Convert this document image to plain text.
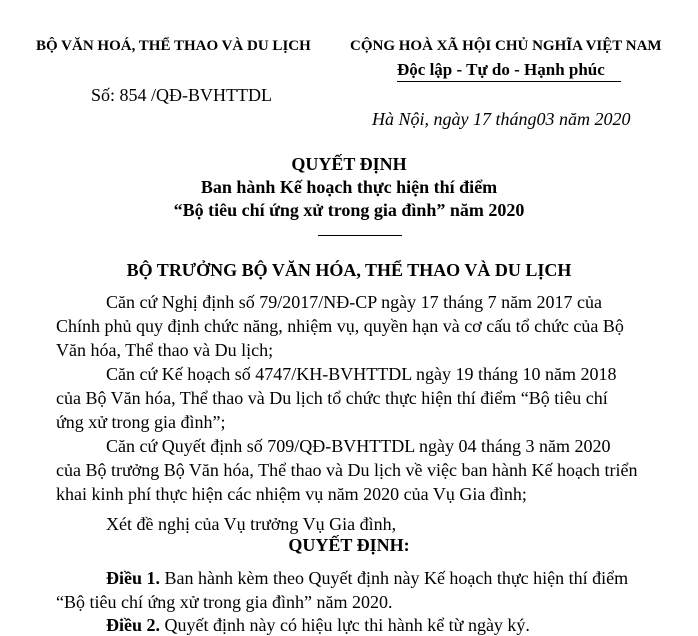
BỘ VĂN HOÁ, THỂ THAO VÀ DU LỊCH	CỘNG HOÀ XÃ HỘI CHỦ NGHĨA VIỆT NAM
Độc lập - Tự do - Hạnh phúc
Số: 854 /QĐ-BVHTTDL
Hà Nội, ngày 17 tháng03 năm 2020
QUYẾT ĐỊNH
Ban hành Kế hoạch thực hiện thí điểm
“Bộ tiêu chí ứng xử trong gia đình” năm 2020
BỘ TRƯỞNG BỘ VĂN HÓA, THỂ THAO VÀ DU LỊCH
Căn cứ Nghị định số 79/2017/NĐ-CP ngày 17 tháng 7 năm 2017 của
Chính phủ quy định chức năng, nhiệm vụ, quyền hạn và cơ cấu tổ chức của Bộ
Văn hóa, Thể thao và Du lịch;
Căn cứ Kế hoạch số 4747/KH-BVHTTDL ngày 19 tháng 10 năm 2018
của Bộ Văn hóa, Thể thao và Du lịch tổ chức thực hiện thí điểm “Bộ tiêu chí
ứng xử trong gia đình”;
Căn cứ Quyết định số 709/QĐ-BVHTTDL ngày 04 tháng 3 năm 2020
của Bộ trưởng Bộ Văn hóa, Thể thao và Du lịch về việc ban hành Kế hoạch triển
khai kinh phí thực hiện các nhiệm vụ năm 2020 của Vụ Gia đình;
Xét đề nghị của Vụ trưởng Vụ Gia đình,
QUYẾT ĐỊNH:
Điều 1. Ban hành kèm theo Quyết định này Kế hoạch thực hiện thí điểm
“Bộ tiêu chí ứng xử trong gia đình” năm 2020.
Điều 2. Quyết định này có hiệu lực thi hành kể từ ngày ký.
